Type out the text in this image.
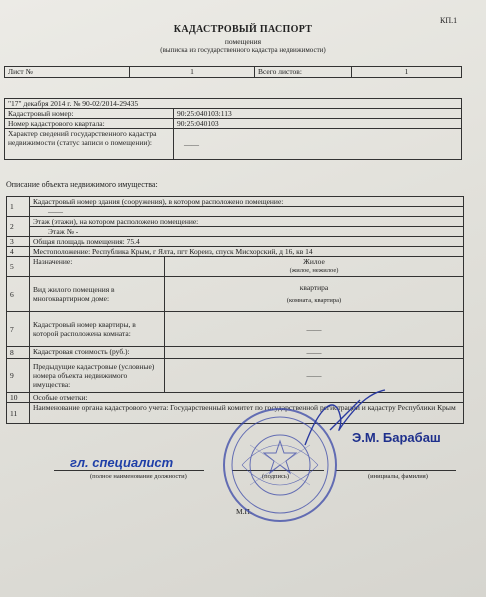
КП.1
КАДАСТРОВЫЙ ПАСПОРТ
помещения
(выписка из государственного кадастра недвижимости)
Лист №	1	Всего листов:	1
"17" декабря 2014 г. № 90-02/2014-29435	
Кадастровый номер:	90:25:040103:113
Номер кадастрового квартала:	90:25:040103
Характер сведений государственного кадастра недвижимости (статус записи о помещении):	——
Описание объекта недвижимого имущества:
1	Кадастровый номер здания (сооружения), в котором расположено помещение:	
	——	
2	Этаж (этажи), на котором расположено помещение:	
	Этаж № -	
3	Общая площадь помещения: 75.4	
4	Местоположение: Республика Крым, г Ялта, пгт Кореиз, спуск Мисхорский, д 16, кв 14	
5	Назначение:	Жилое
(жилое, нежилое)

6	Вид жилого помещения в многоквартирном доме:	квартира
(комната, квартира)

7	Кадастровый номер квартиры, в которой расположена комната:	——
8	Кадастровая стоимость (руб.):	——
9	Предыдущие кадастровые (условные) номера объекта недвижимого имущества:	——
10	Особые отметки:	
11	Наименование органа кадастрового учета: Государственный комитет по государственной регистрации и кадастру Республики Крым	
гл. специалист
(полное наименование должности)	(подпись)
Э.М. Барабаш
(инициалы, фамилия)
М.П.
